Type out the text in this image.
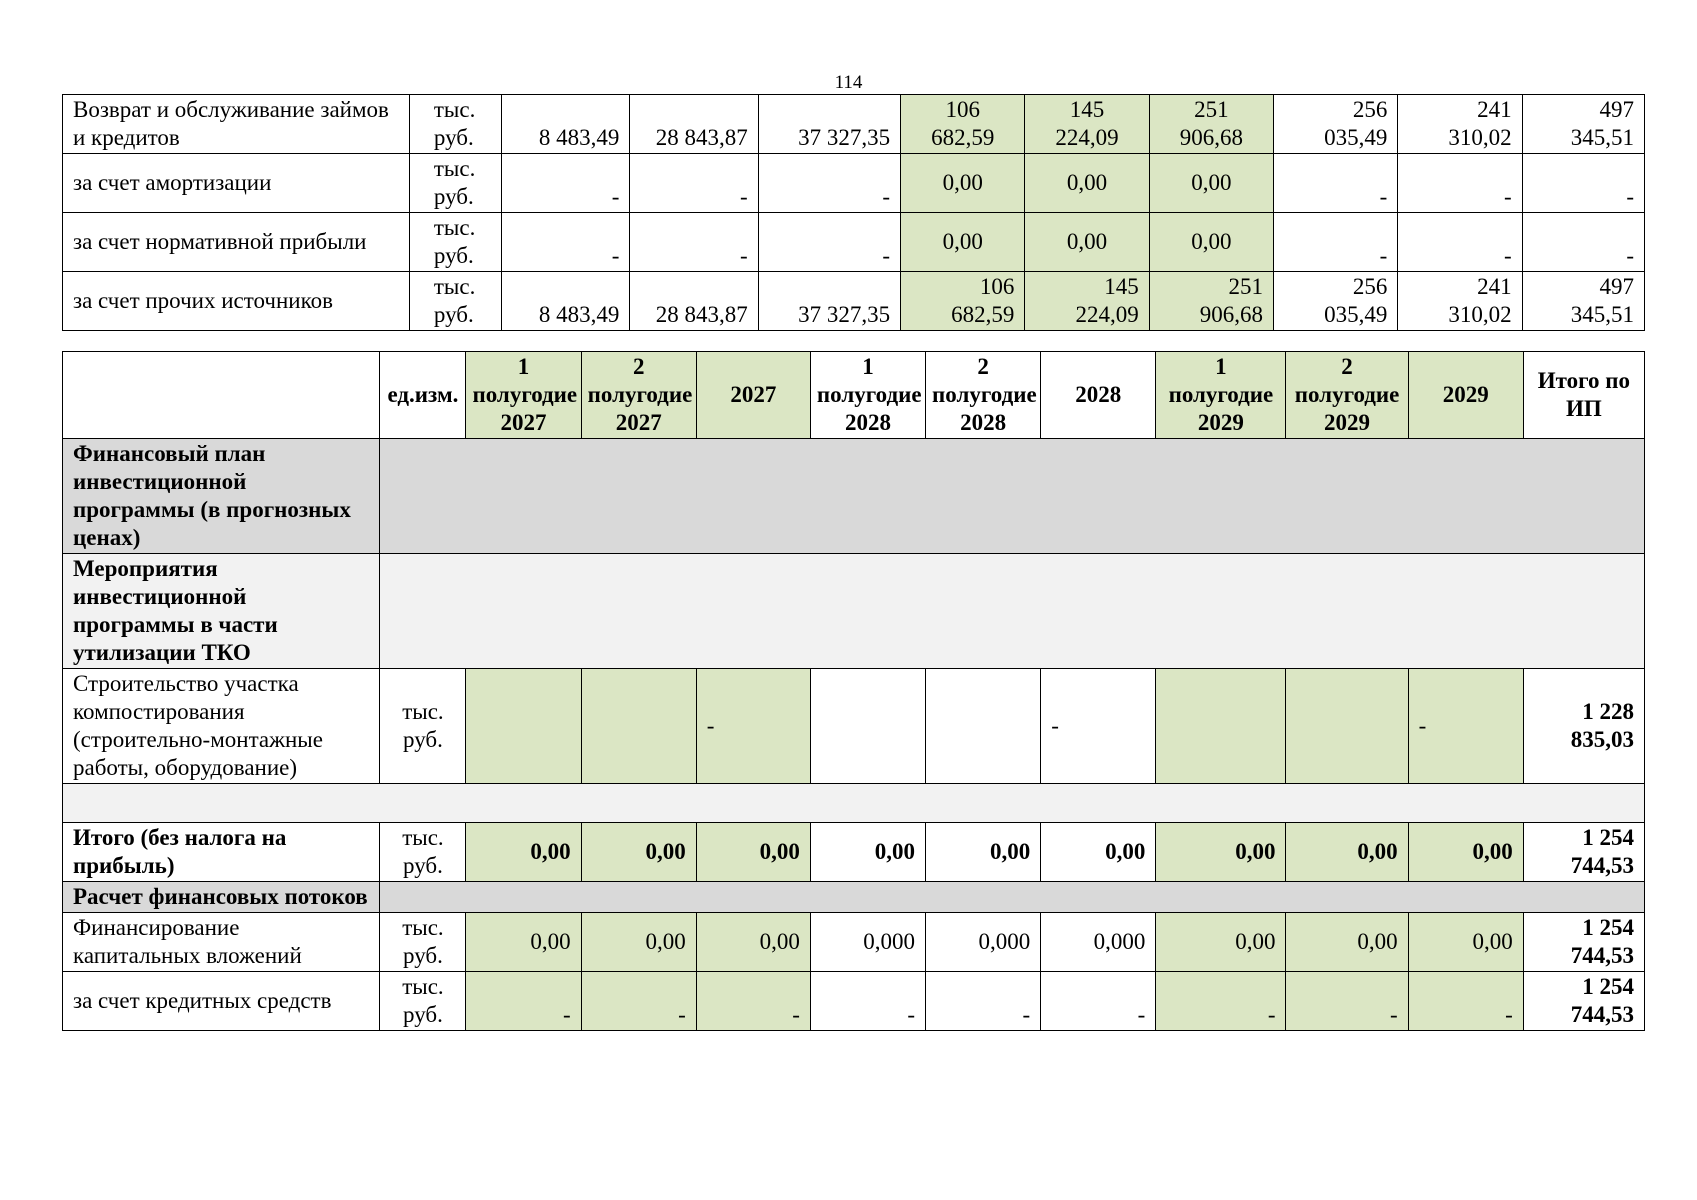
114
Возврат и обслуживание займов и кредитов	тыс. руб.	8 483,49	28 843,87	37 327,35	106 682,59	145 224,09	251 906,68	256 035,49	241 310,02	497 345,51
за счет амортизации	тыс. руб.	-	-	-	0,00	0,00	0,00	-	-	-
за счет нормативной прибыли	тыс. руб.	-	-	-	0,00	0,00	0,00	-	-	-
за счет прочих источников	тыс. руб.	8 483,49	28 843,87	37 327,35	106 682,59	145 224,09	251 906,68	256 035,49	241 310,02	497 345,51
	ед.изм.	1 полугодие 2027	2 полугодие 2027	2027	1 полугодие 2028	2 полугодие 2028	2028	1 полугодие 2029	2 полугодие 2029	2029	Итого по ИП
Финансовый план инвестиционной программы (в прогнозных ценах)											
Мероприятия инвестиционной программы в части утилизации ТКО											
Строительство участка компостирования (строительно-монтажные работы, оборудование)	тыс. руб.			-			-			-	1 228 835,03

Итого (без налога на прибыль)	тыс. руб.	0,00	0,00	0,00	0,00	0,00	0,00	0,00	0,00	0,00	1 254 744,53
Расчет финансовых потоков											
Финансирование капитальных вложений	тыс. руб.	0,00	0,00	0,00	0,000	0,000	0,000	0,00	0,00	0,00	1 254 744,53
за счет кредитных средств	тыс. руб.	-	-	-	-	-	-	-	-	-	1 254 744,53
